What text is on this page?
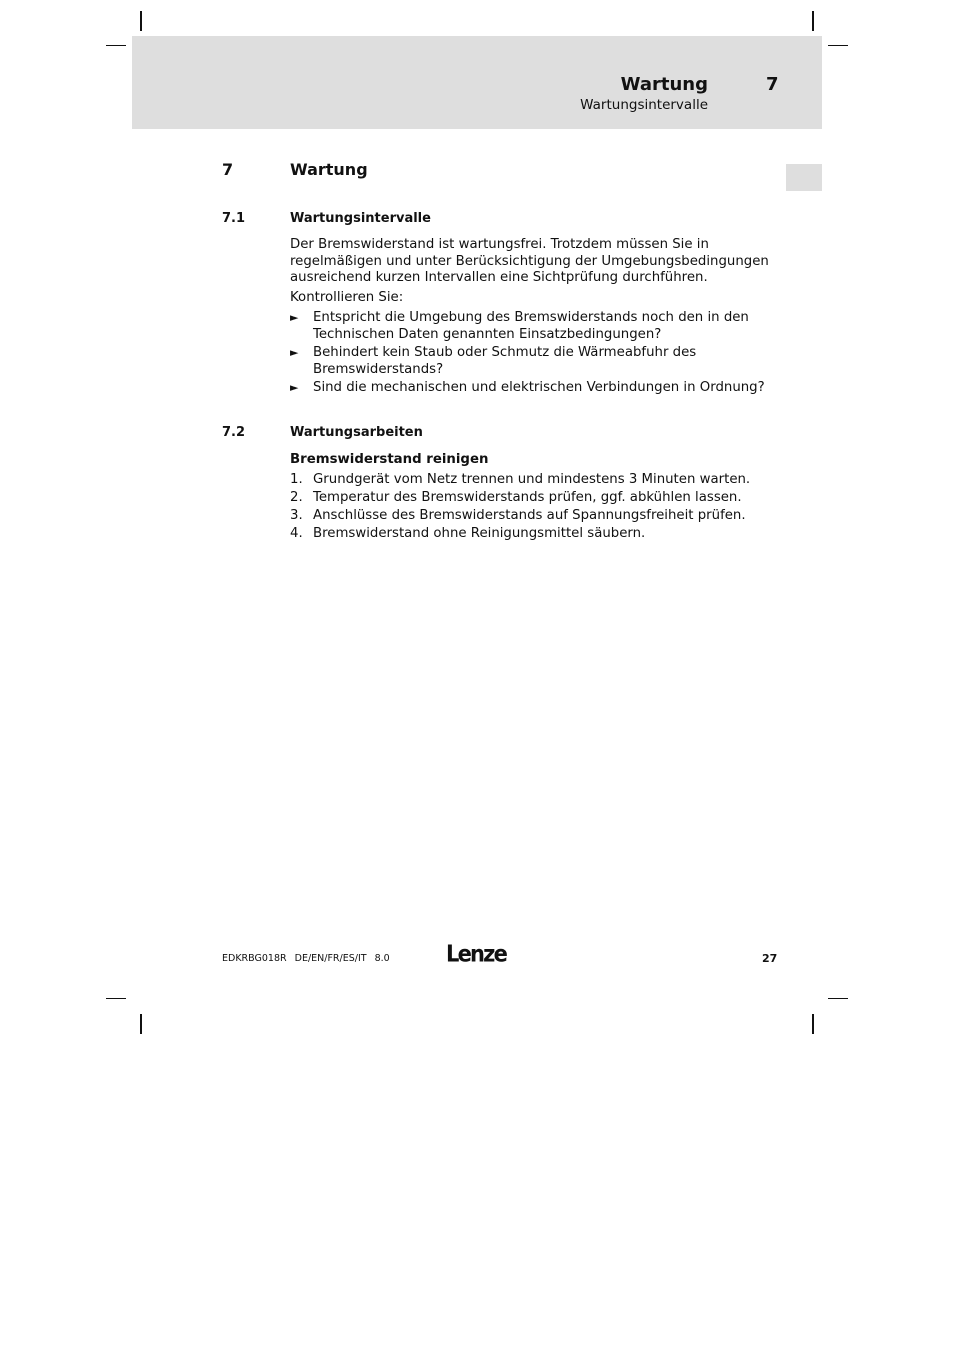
Wartung	7
Wartungsintervalle
7	Wartung
7.1	Wartungsintervalle

Der Bremswiderstand ist wartungsfrei. Trotzdem müssen Sie in regelmäßigen und unter Berücksichtigung der Umgebungsbedingungen ausreichend kurzen Intervallen eine Sichtprüfung durchführen.

Kontrollieren Sie:

► Entspricht die Umgebung des Bremswiderstands noch den in den Technischen Daten genannten Einsatzbedingungen?
► Behindert kein Staub oder Schmutz die Wärmeabfuhr des Bremswiderstands?
► Sind die mechanischen und elektrischen Verbindungen in Ordnung?
7.2	Wartungsarbeiten
Bremswiderstand reinigen
1. Grundgerät vom Netz trennen und mindestens 3 Minuten warten.
2. Temperatur des Bremswiderstands prüfen, ggf. abkühlen lassen.
3. Anschlüsse des Bremswiderstands auf Spannungsfreiheit prüfen.
4. Bremswiderstand ohne Reinigungsmittel säubern.
EDKRBG018R DE/EN/FR/ES/IT 8.0	Lenze	27
